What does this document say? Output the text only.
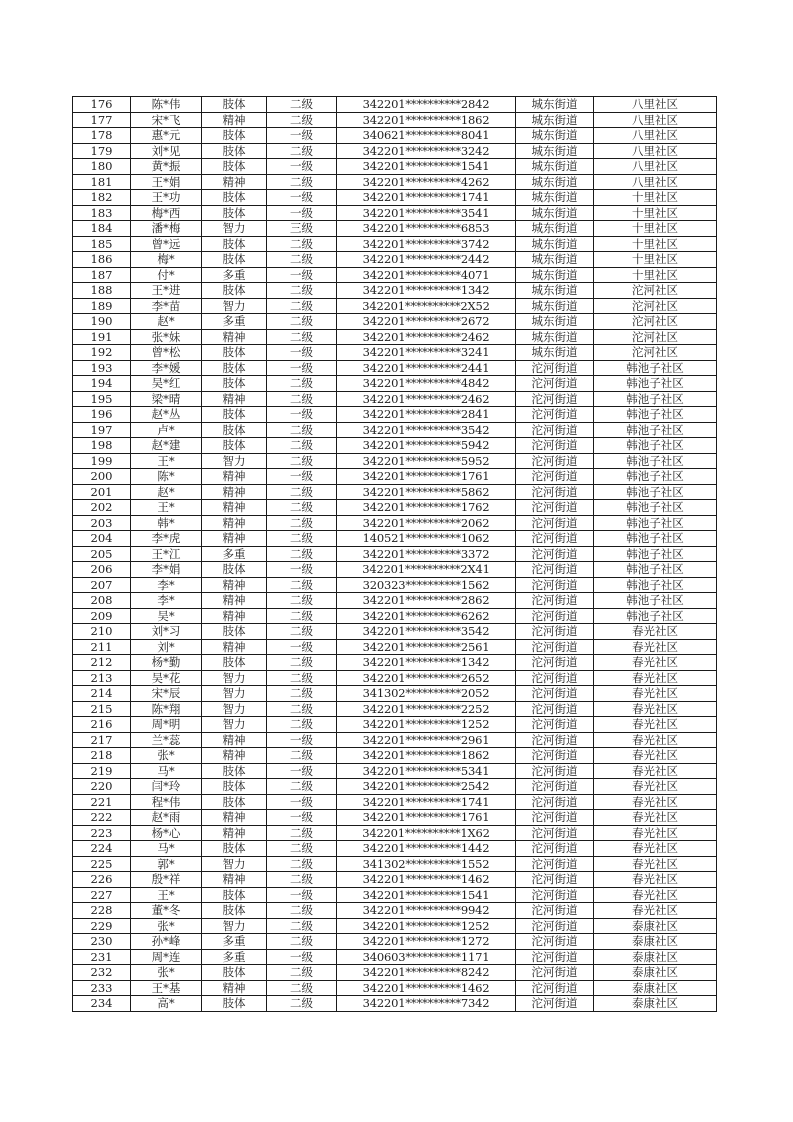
176	陈*伟	肢体	二级	342201**********2842	城东街道	八里社区
177	宋*飞	精神	二级	342201**********1862	城东街道	八里社区
178	惠*元	肢体	一级	340621**********8041	城东街道	八里社区
179	刘*见	肢体	二级	342201**********3242	城东街道	八里社区
180	黄*振	肢体	一级	342201**********1541	城东街道	八里社区
181	王*娟	精神	二级	342201**********4262	城东街道	八里社区
182	王*功	肢体	一级	342201**********1741	城东街道	十里社区
183	梅*西	肢体	一级	342201**********3541	城东街道	十里社区
184	潘*梅	智力	三级	342201**********6853	城东街道	十里社区
185	曾*远	肢体	二级	342201**********3742	城东街道	十里社区
186	梅*	肢体	二级	342201**********2442	城东街道	十里社区
187	付*	多重	一级	342201**********4071	城东街道	十里社区
188	王*进	肢体	二级	342201**********1342	城东街道	沱河社区
189	李*苗	智力	二级	342201**********2X52	城东街道	沱河社区
190	赵*	多重	二级	342201**********2672	城东街道	沱河社区
191	张*妹	精神	二级	342201**********2462	城东街道	沱河社区
192	曾*松	肢体	一级	342201**********3241	城东街道	沱河社区
193	李*媛	肢体	一级	342201**********2441	沱河街道	韩池子社区
194	吴*红	肢体	二级	342201**********4842	沱河街道	韩池子社区
195	梁*晴	精神	二级	342201**********2462	沱河街道	韩池子社区
196	赵*丛	肢体	一级	342201**********2841	沱河街道	韩池子社区
197	卢*	肢体	二级	342201**********3542	沱河街道	韩池子社区
198	赵*建	肢体	二级	342201**********5942	沱河街道	韩池子社区
199	王*	智力	二级	342201**********5952	沱河街道	韩池子社区
200	陈*	精神	一级	342201**********1761	沱河街道	韩池子社区
201	赵*	精神	二级	342201**********5862	沱河街道	韩池子社区
202	王*	精神	二级	342201**********1762	沱河街道	韩池子社区
203	韩*	精神	二级	342201**********2062	沱河街道	韩池子社区
204	李*虎	精神	二级	140521**********1062	沱河街道	韩池子社区
205	王*江	多重	二级	342201**********3372	沱河街道	韩池子社区
206	李*娟	肢体	一级	342201**********2X41	沱河街道	韩池子社区
207	李*	精神	二级	320323**********1562	沱河街道	韩池子社区
208	李*	精神	二级	342201**********2862	沱河街道	韩池子社区
209	吴*	精神	二级	342201**********6262	沱河街道	韩池子社区
210	刘*习	肢体	二级	342201**********3542	沱河街道	春光社区
211	刘*	精神	一级	342201**********2561	沱河街道	春光社区
212	杨*勤	肢体	二级	342201**********1342	沱河街道	春光社区
213	吴*花	智力	二级	342201**********2652	沱河街道	春光社区
214	宋*辰	智力	二级	341302**********2052	沱河街道	春光社区
215	陈*翔	智力	二级	342201**********2252	沱河街道	春光社区
216	周*明	智力	二级	342201**********1252	沱河街道	春光社区
217	兰*蕊	精神	一级	342201**********2961	沱河街道	春光社区
218	张*	精神	二级	342201**********1862	沱河街道	春光社区
219	马*	肢体	一级	342201**********5341	沱河街道	春光社区
220	闫*玲	肢体	二级	342201**********2542	沱河街道	春光社区
221	程*伟	肢体	一级	342201**********1741	沱河街道	春光社区
222	赵*雨	精神	一级	342201**********1761	沱河街道	春光社区
223	杨*心	精神	二级	342201**********1X62	沱河街道	春光社区
224	马*	肢体	二级	342201**********1442	沱河街道	春光社区
225	郭*	智力	二级	341302**********1552	沱河街道	春光社区
226	殷*祥	精神	二级	342201**********1462	沱河街道	春光社区
227	王*	肢体	一级	342201**********1541	沱河街道	春光社区
228	董*冬	肢体	二级	342201**********9942	沱河街道	春光社区
229	张*	智力	二级	342201**********1252	沱河街道	泰康社区
230	孙*峰	多重	二级	342201**********1272	沱河街道	泰康社区
231	周*连	多重	一级	340603**********1171	沱河街道	泰康社区
232	张*	肢体	二级	342201**********8242	沱河街道	泰康社区
233	王*基	精神	二级	342201**********1462	沱河街道	泰康社区
234	高*	肢体	二级	342201**********7342	沱河街道	泰康社区
